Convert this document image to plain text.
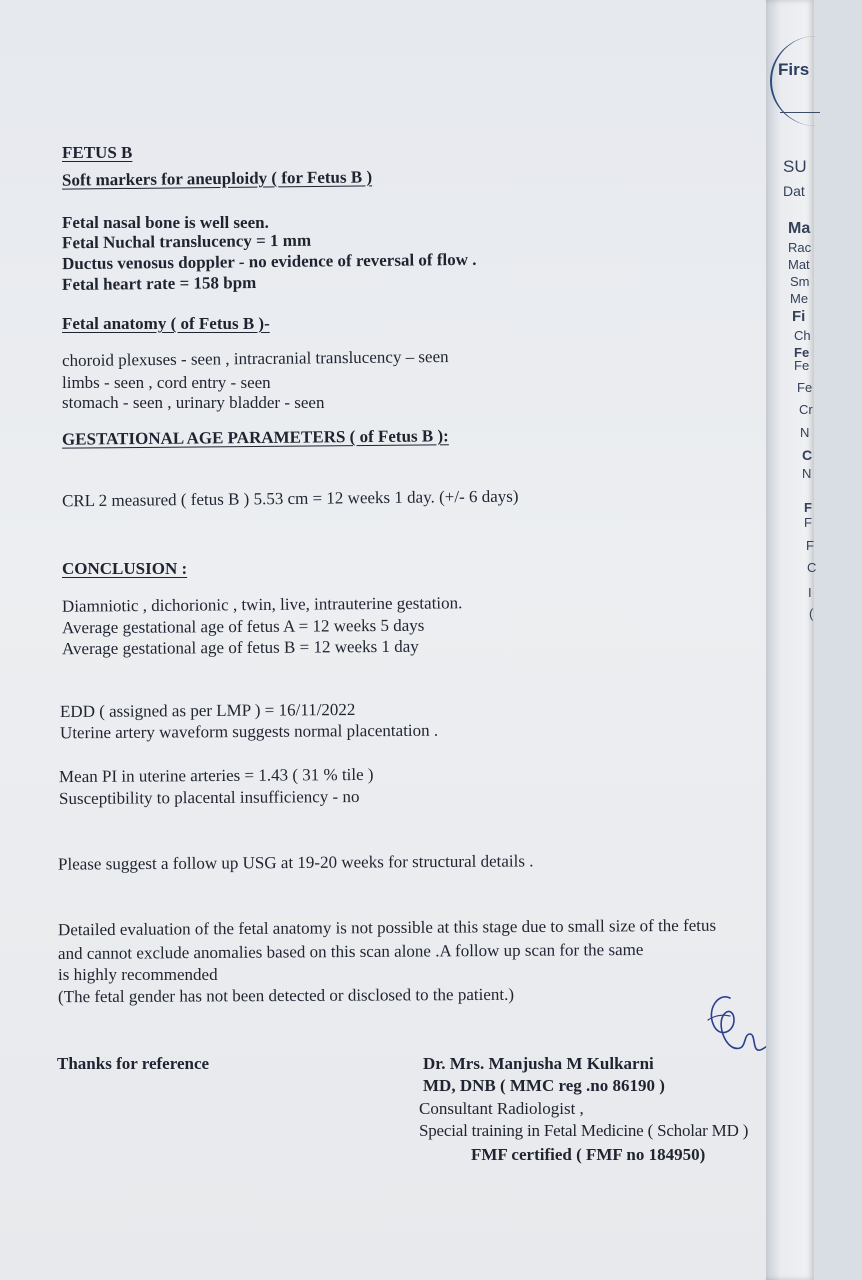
FETUS B
Soft markers for aneuploidy ( for Fetus B )
Fetal nasal bone is well seen.
Fetal Nuchal translucency = 1 mm
Ductus venosus doppler - no evidence of reversal of flow .
Fetal heart rate = 158 bpm
Fetal anatomy ( of Fetus B )-
choroid plexuses - seen , intracranial translucency – seen
limbs - seen , cord entry - seen
stomach - seen , urinary bladder - seen
GESTATIONAL AGE PARAMETERS ( of Fetus B ):
CRL 2 measured ( fetus B ) 5.53 cm = 12 weeks 1 day. (+/- 6 days)
CONCLUSION :
Diamniotic , dichorionic , twin, live, intrauterine gestation.
Average gestational age of fetus A = 12 weeks 5 days
Average gestational age of fetus B = 12 weeks 1 day
EDD ( assigned as per LMP ) = 16/11/2022
Uterine artery waveform suggests normal placentation .
Mean PI in uterine arteries = 1.43 ( 31 % tile )
Susceptibility to placental insufficiency - no
Please suggest a follow up USG at 19-20 weeks for structural details .
Detailed evaluation of the fetal anatomy is not possible at this stage due to small size of the fetus
and cannot exclude anomalies based on this scan alone .A follow up scan for the same
is highly recommended
(The fetal gender has not been detected or disclosed to the patient.)
Thanks for reference	Dr. Mrs. Manjusha M Kulkarni
MD, DNB ( MMC reg .no 86190 )
Consultant Radiologist ,
Special training in Fetal Medicine ( Scholar MD )
FMF certified ( FMF no 184950)
Firs
SU
Dat
Ma
Rac
Mat
Sm
Me
Fi
Ch
Fe
Fe
Fe
Cr
N
C
N
F
F
F
C
I
(
